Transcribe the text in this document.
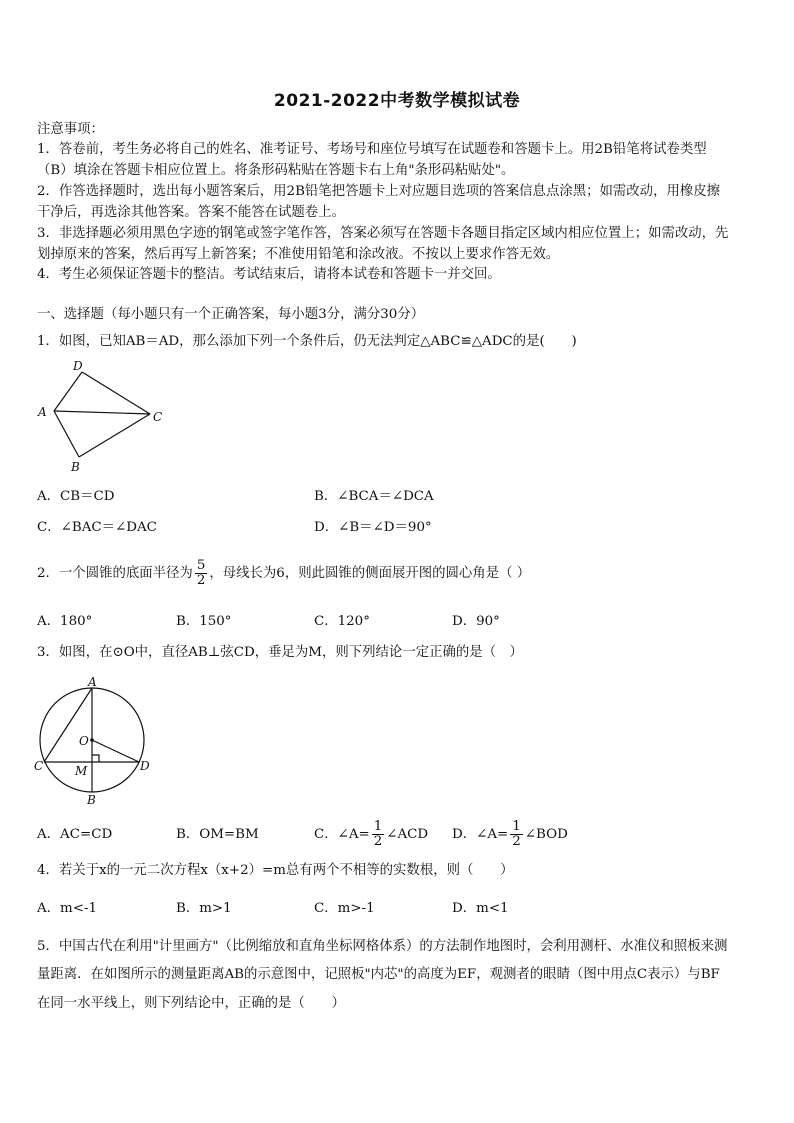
2021-2022中考数学模拟试卷
注意事项：
1．答卷前，考生务必将自己的姓名、准考证号、考场号和座位号填写在试题卷和答题卡上。用2B铅笔将试卷类型
（B）填涂在答题卡相应位置上。将条形码粘贴在答题卡右上角"条形码粘贴处"。
2．作答选择题时，选出每小题答案后，用2B铅笔把答题卡上对应题目选项的答案信息点涂黑；如需改动，用橡皮擦
干净后，再选涂其他答案。答案不能答在试题卷上。
3．非选择题必须用黑色字迹的钢笔或签字笔作答，答案必须写在答题卡各题目指定区域内相应位置上；如需改动，先
划掉原来的答案，然后再写上新答案；不准使用铅笔和涂改液。不按以上要求作答无效。
4．考生必须保证答题卡的整洁。考试结束后，请将本试卷和答题卡一并交回。
一、选择题（每小题只有一个正确答案，每小题3分，满分30分）
1．如图，已知AB＝AD，那么添加下列一个条件后，仍无法判定△ABC≌△ADC的是(　　)
D
A	C
B
A．CB＝CD	B．∠BCA＝∠DCA
C．∠BAC＝∠DAC	D．∠B＝∠D＝90°
2．一个圆锥的底面半径为 $\frac{5}{2}$ ，母线长为6，则此圆锥的侧面展开图的圆心角是（ ）
A．180°	B．150°	C．120°	D．90°
3．如图，在⊙O中，直径AB⊥弦CD，垂足为M，则下列结论一定正确的是（　）
A
O
C	D
M
B
A．AC=CD	B．OM=BM	C．∠A= $\frac{1}{2}$ ∠ACD D．∠A= $\frac{1}{2}$ ∠BOD
4．若关于x的一元二次方程x（x+2）=m总有两个不相等的实数根，则（　　）
A．m<-1	B．m>1	C．m>-1	D．m<1
5．中国古代在利用"计里画方"（比例缩放和直角坐标网格体系）的方法制作地图时，会利用测杆、水准仪和照板来测
量距离．在如图所示的测量距离AB的示意图中，记照板"内芯"的高度为EF，观测者的眼睛（图中用点C表示）与BF
在同一水平线上，则下列结论中，正确的是（　　）
